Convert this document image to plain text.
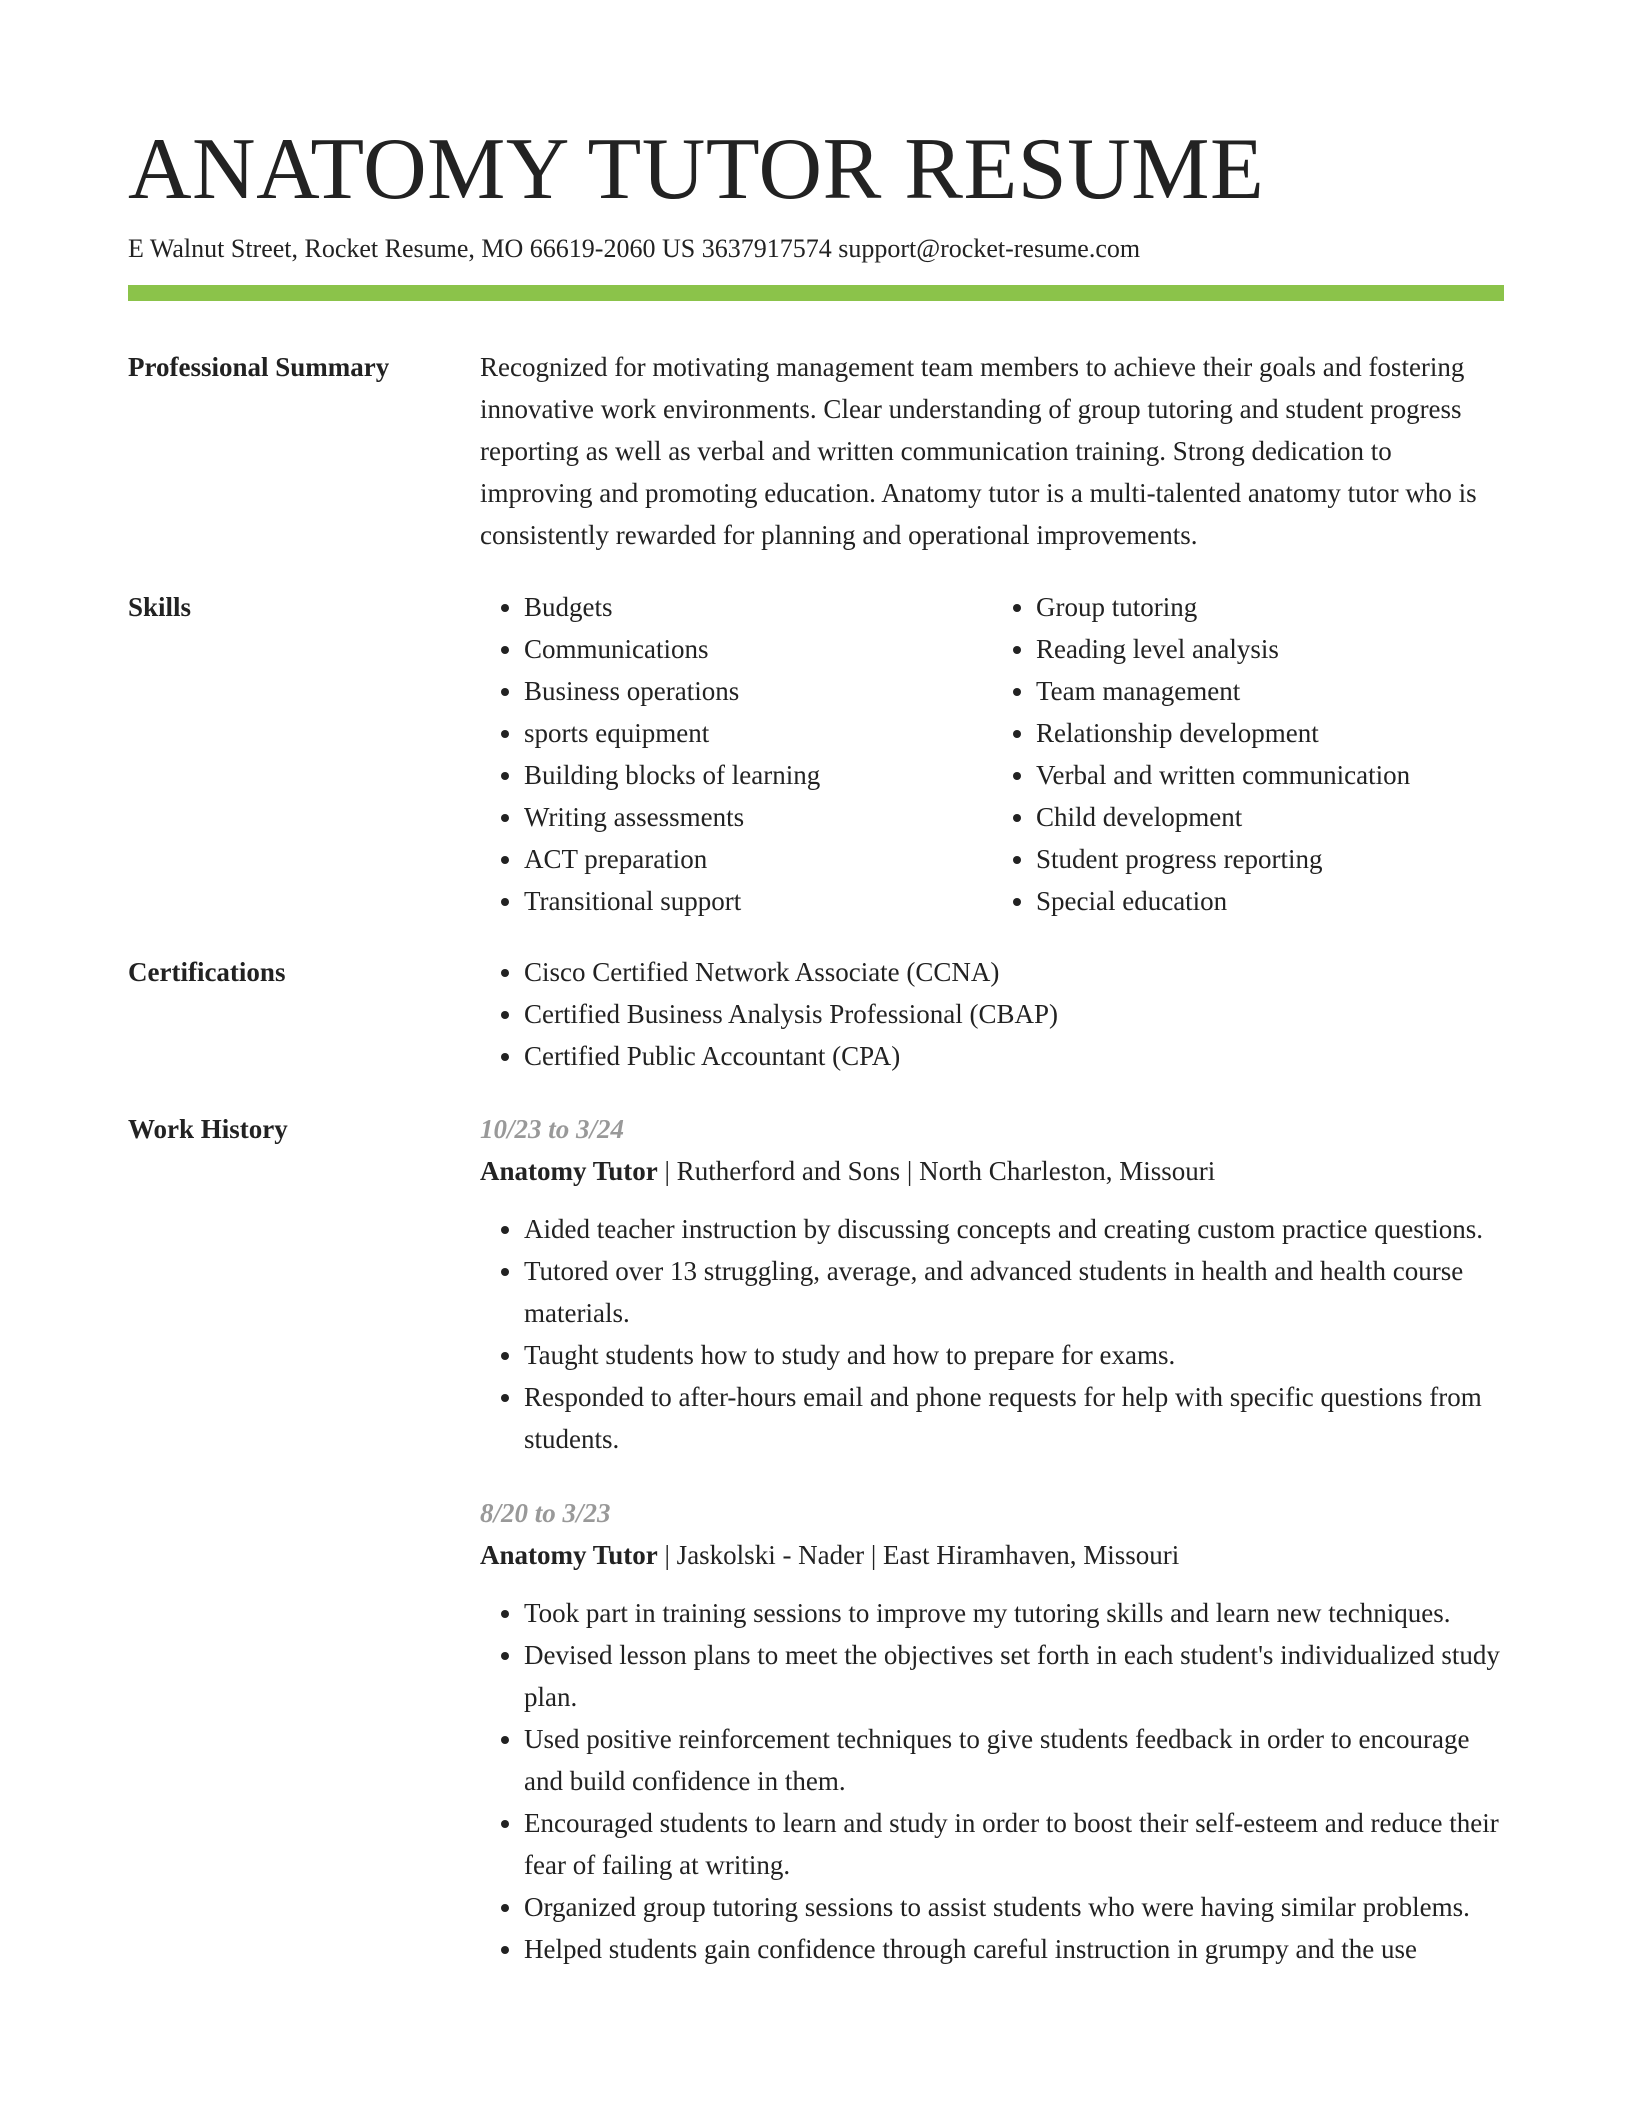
ANATOMY TUTOR RESUME
E Walnut Street, Rocket Resume, MO 66619-2060 US 3637917574 support@rocket-resume.com
Professional Summary	Recognized for motivating management team members to achieve their goals and fostering innovative work environments. Clear understanding of group tutoring and student progress reporting as well as verbal and written communication training. Strong dedication to improving and promoting education. Anatomy tutor is a multi-talented anatomy tutor who is consistently rewarded for planning and operational improvements.

Skills	• Budgets
• Communications
• Business operations
• sports equipment
• Building blocks of learning
• Writing assessments
• ACT preparation
• Transitional support
• Group tutoring
• Reading level analysis
• Team management
• Relationship development
• Verbal and written communication
• Child development
• Student progress reporting
• Special education
Certifications	• Cisco Certified Network Associate (CCNA)
• Certified Business Analysis Professional (CBAP)
• Certified Public Accountant (CPA)
Work History	10/23 to 3/24
Anatomy Tutor | Rutherford and Sons | North Charleston, Missouri
• Aided teacher instruction by discussing concepts and creating custom practice questions.
• Tutored over 13 struggling, average, and advanced students in health and health course materials.
• Taught students how to study and how to prepare for exams.
• Responded to after-hours email and phone requests for help with specific questions from students.
8/20 to 3/23
Anatomy Tutor | Jaskolski - Nader | East Hiramhaven, Missouri
• Took part in training sessions to improve my tutoring skills and learn new techniques.
• Devised lesson plans to meet the objectives set forth in each student's individualized study plan.
• Used positive reinforcement techniques to give students feedback in order to encourage and build confidence in them.
• Encouraged students to learn and study in order to boost their self-esteem and reduce their fear of failing at writing.
• Organized group tutoring sessions to assist students who were having similar problems.
• Helped students gain confidence through careful instruction in grumpy and the use
